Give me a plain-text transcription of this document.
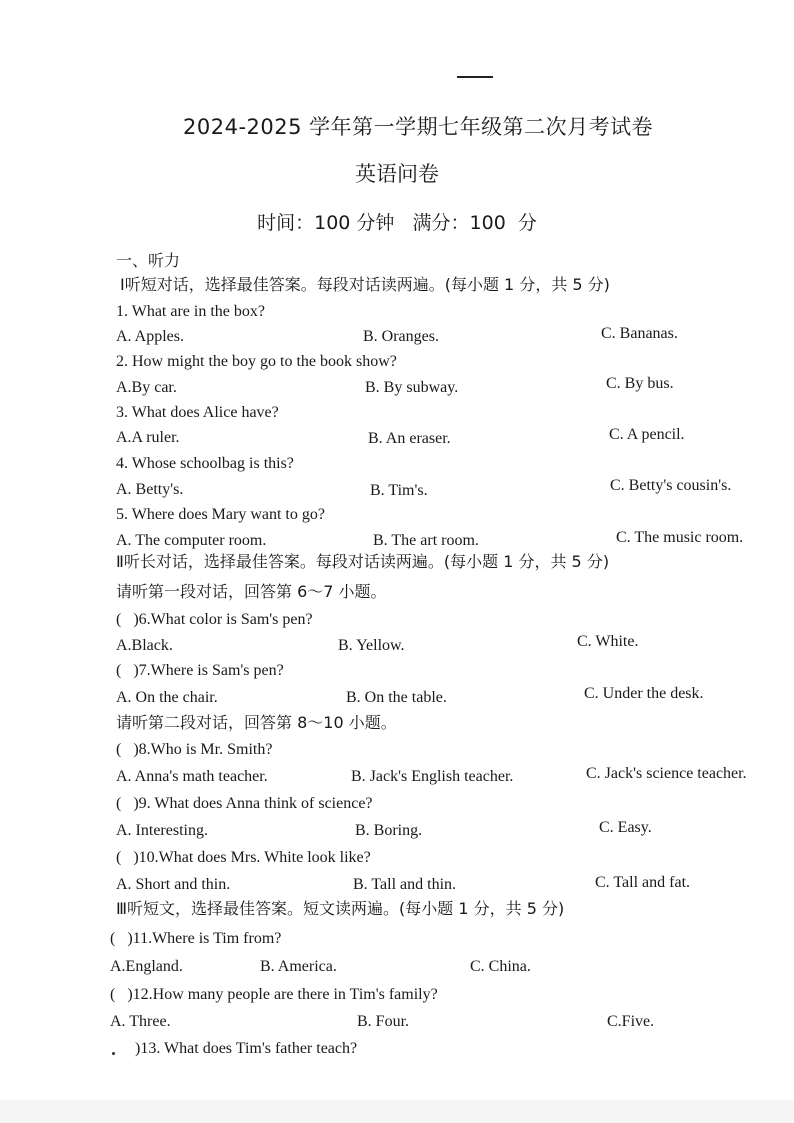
2024-2025 学年第一学期七年级第二次月考试卷
英语问卷
时间：100 分钟   满分：100  分
一、听力
Ⅰ听短对话，选择最佳答案。每段对话读两遍。(每小题 1 分，共 5 分)
1. What are in the box?
A. Apples.	B. Oranges.	C. Bananas.
2. How might the boy go to the book show?
A.By car.	B. By subway.	C. By bus.
3. What does Alice have?
A.A ruler.	B. An eraser.	C. A pencil.
4. Whose schoolbag is this?
A. Betty's.	B. Tim's.	C. Betty's cousin's.
5. Where does Mary want to go?
A. The computer room.	B. The art room.	C. The music room.
Ⅱ听长对话，选择最佳答案。每段对话读两遍。(每小题 1 分，共 5 分)
请听第一段对话，回答第 6～7 小题。
(   )6.What color is Sam's pen?
A.Black.	B. Yellow.	C. White.
(   )7.Where is Sam's pen?
A. On the chair.	B. On the table.	C. Under the desk.
请听第二段对话，回答第 8～10 小题。
(   )8.Who is Mr. Smith?
A. Anna's math teacher.	B. Jack's English teacher.	C. Jack's science teacher.
(   )9. What does Anna think of science?
A. Interesting.	B. Boring.	C. Easy.
(   )10.What does Mrs. White look like?
A. Short and thin.	B. Tall and thin.	C. Tall and fat.
Ⅲ听短文，选择最佳答案。短文读两遍。(每小题 1 分，共 5 分)
(   )11.Where is Tim from?
A.England.	B. America.	C. China.
(   )12.How many people are there in Tim's family?
A. Three.	B. Four.	C.Five.
)13. What does Tim's father teach?
